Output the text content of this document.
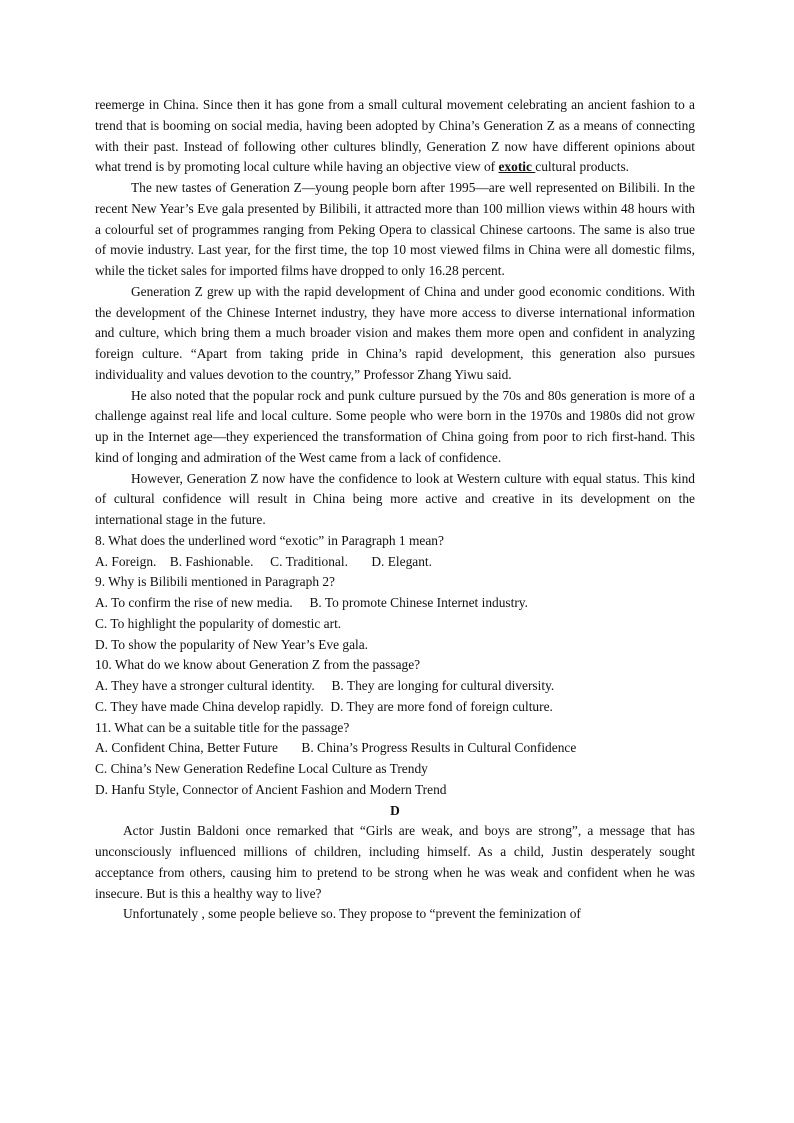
reemerge in China. Since then it has gone from a small cultural movement celebrating an ancient fashion to a trend that is booming on social media, having been adopted by China’s Generation Z as a means of connecting with their past. Instead of following other cultures blindly, Generation Z now have different opinions about what trend is by promoting local culture while having an objective view of exotic cultural products.

The new tastes of Generation Z—young people born after 1995—are well represented on Bilibili. In the recent New Year’s Eve gala presented by Bilibili, it attracted more than 100 million views within 48 hours with a colourful set of programmes ranging from Peking Opera to classical Chinese cartoons. The same is also true of movie industry. Last year, for the first time, the top 10 most viewed films in China were all domestic films, while the ticket sales for imported films have dropped to only 16.28 percent.

Generation Z grew up with the rapid development of China and under good economic conditions. With the development of the Chinese Internet industry, they have more access to diverse international information and culture, which bring them a much broader vision and makes them more open and confident in analyzing foreign culture. “Apart from taking pride in China’s rapid development, this generation also pursues individuality and values devotion to the country,” Professor Zhang Yiwu said.

He also noted that the popular rock and punk culture pursued by the 70s and 80s generation is more of a challenge against real life and local culture. Some people who were born in the 1970s and 1980s did not grow up in the Internet age—they experienced the transformation of China going from poor to rich first-hand. This kind of longing and admiration of the West came from a lack of confidence.

However, Generation Z now have the confidence to look at Western culture with equal status. This kind of cultural confidence will result in China being more active and creative in its development on the international stage in the future.

8. What does the underlined word “exotic” in Paragraph 1 mean?

A. Foreign.    B. Fashionable.     C. Traditional.       D. Elegant.

9. Why is Bilibili mentioned in Paragraph 2?

A. To confirm the rise of new media.     B. To promote Chinese Internet industry.

C. To highlight the popularity of domestic art.

D. To show the popularity of New Year’s Eve gala.

10. What do we know about Generation Z from the passage?

A. They have a stronger cultural identity.     B. They are longing for cultural diversity.

C. They have made China develop rapidly.  D. They are more fond of foreign culture.

11. What can be a suitable title for the passage?

A. Confident China, Better Future       B. China’s Progress Results in Cultural Confidence

C. China’s New Generation Redefine Local Culture as Trendy

D. Hanfu Style, Connector of Ancient Fashion and Modern Trend

D

Actor Justin Baldoni once remarked that “Girls are weak, and boys are strong”, a message that has unconsciously influenced millions of children, including himself. As a child, Justin desperately sought acceptance from others, causing him to pretend to be strong when he was weak and confident when he was insecure. But is this a healthy way to live?

Unfortunately , some people believe so. They propose to “prevent the feminization of
